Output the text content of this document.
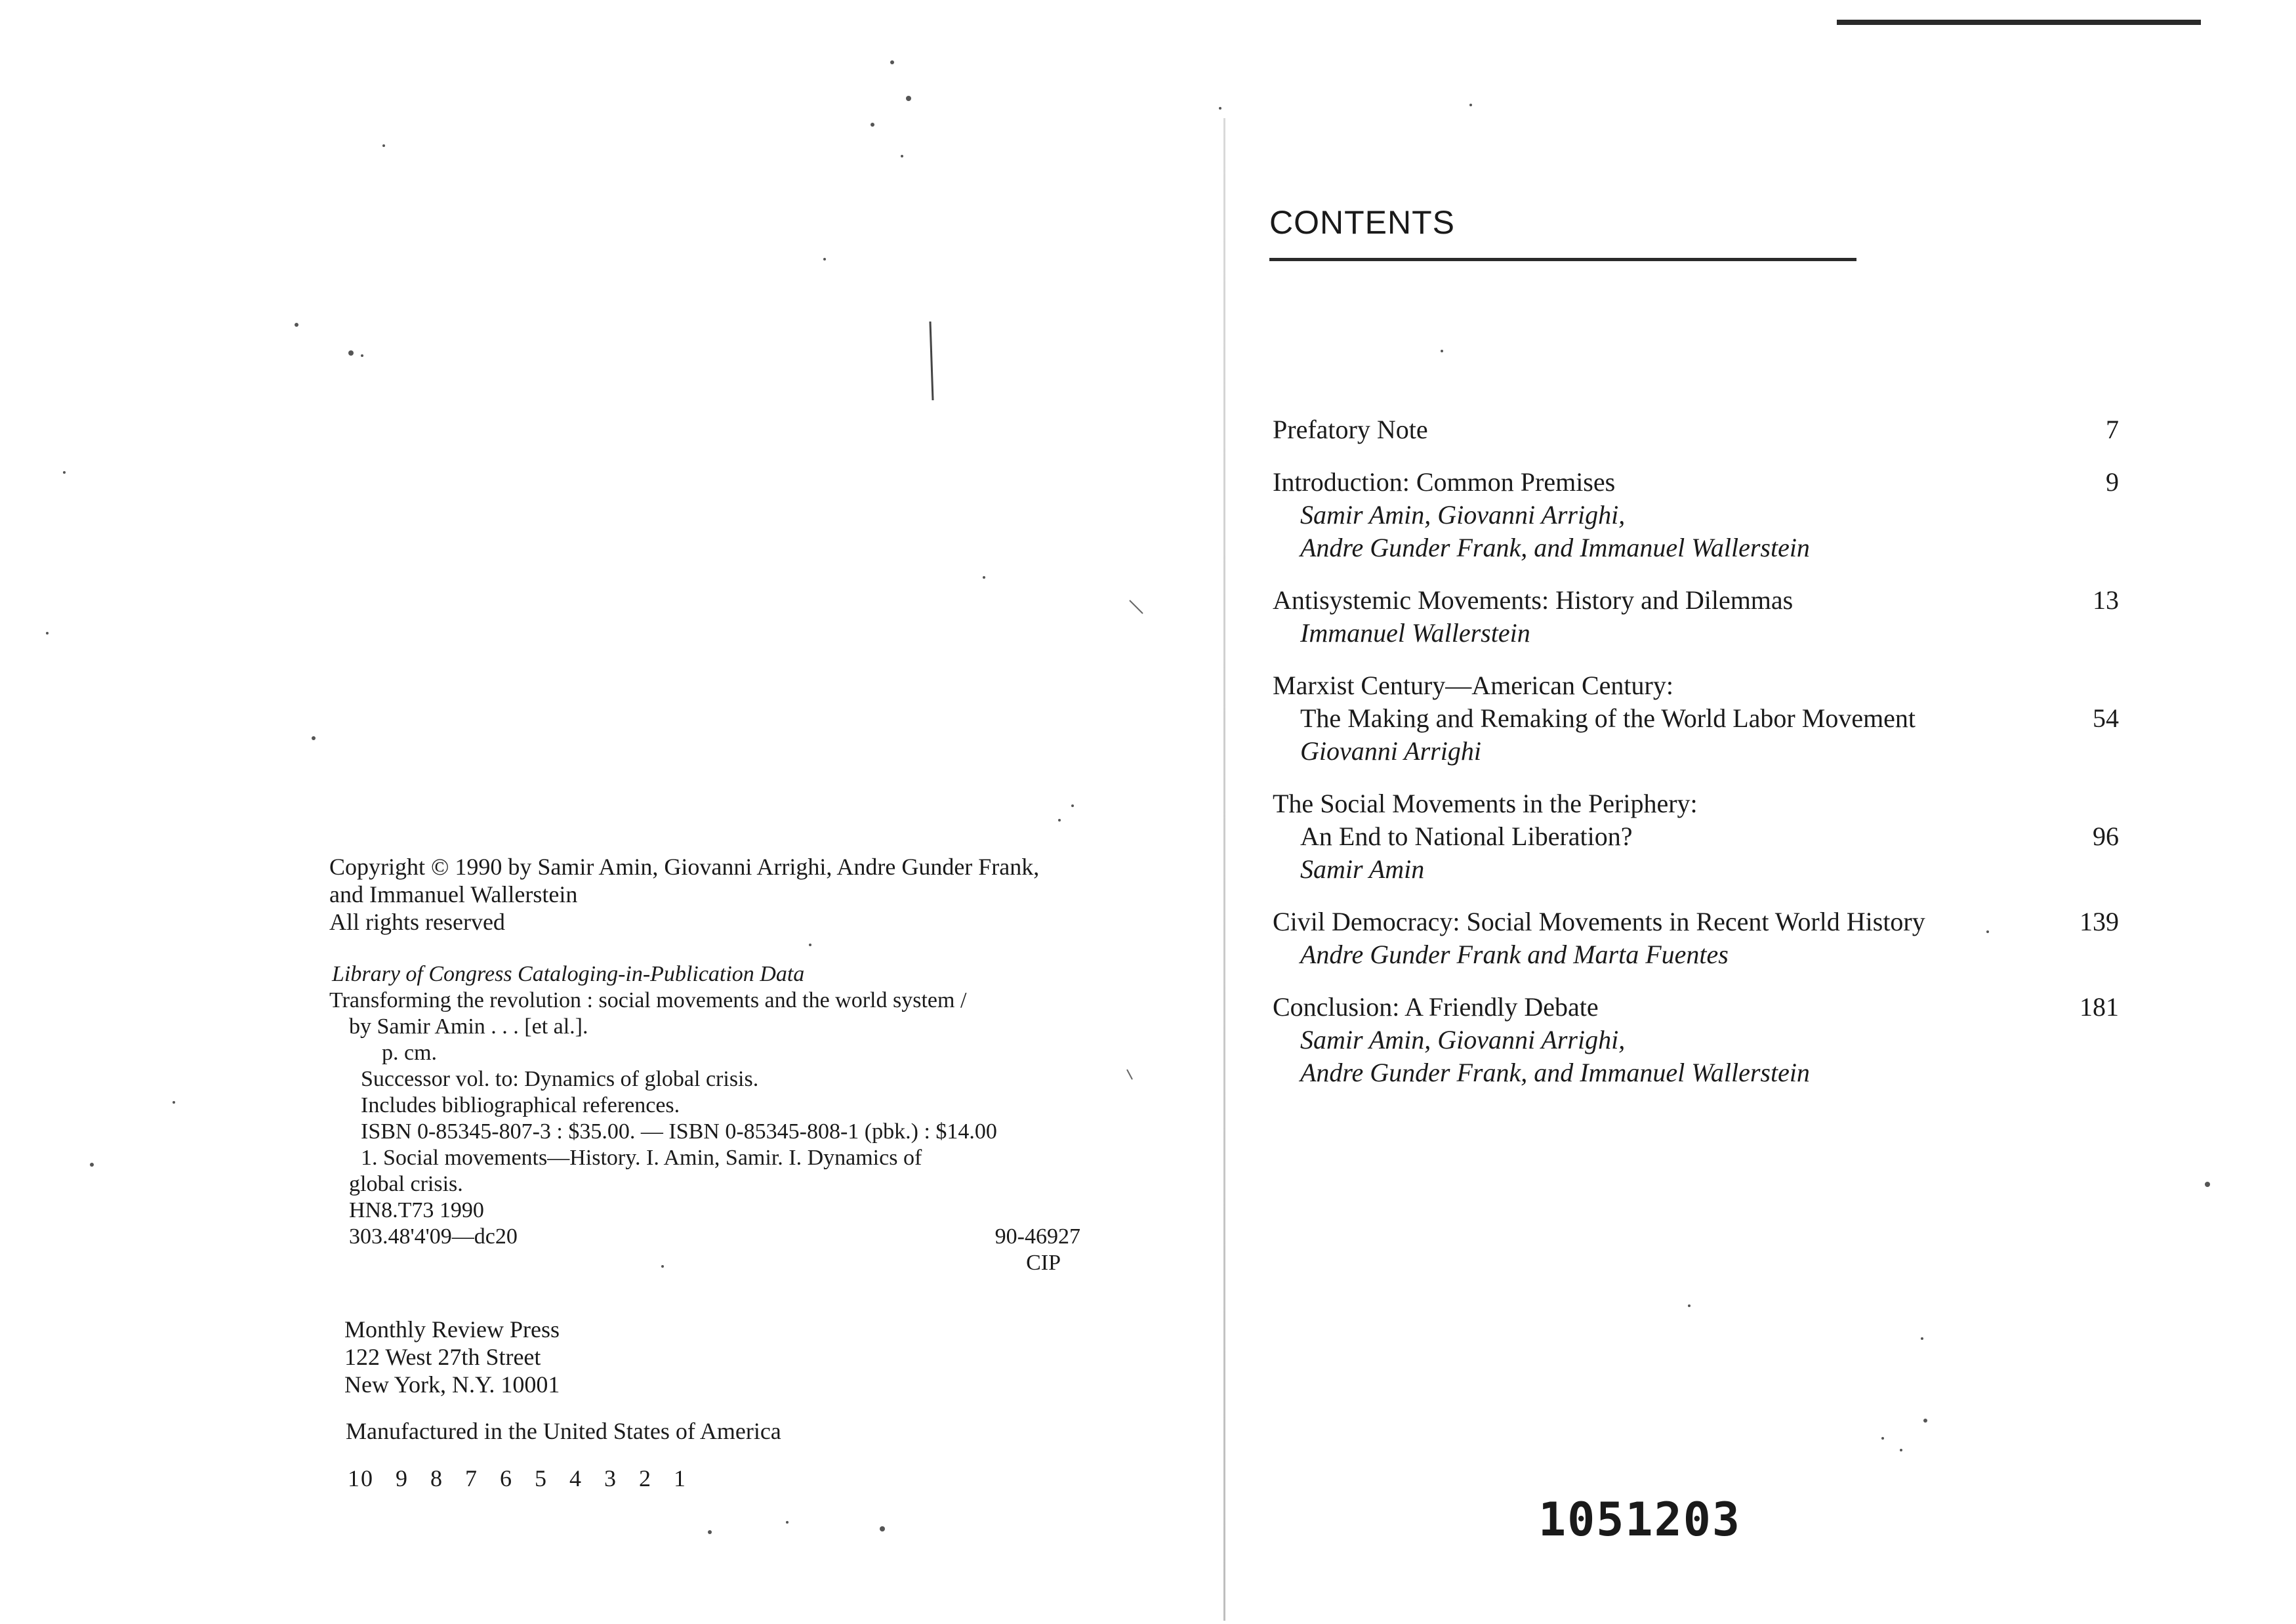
Copyright © 1990 by Samir Amin, Giovanni Arrighi, Andre Gunder Frank,
and Immanuel Wallerstein
All rights reserved
Library of Congress Cataloging-in-Publication Data
Transforming the revolution : social movements and the world system /
by Samir Amin . . . [et al.].
p. cm.
Successor vol. to: Dynamics of global crisis.
Includes bibliographical references.
ISBN 0-85345-807-3 : $35.00. — ISBN 0-85345-808-1 (pbk.) : $14.00
1. Social movements—History. I. Amin, Samir. I. Dynamics of
global crisis.
HN8.T73 1990
303.48'4'09—dc20	90-46927
CIP
Monthly Review Press
122 West 27th Street
New York, N.Y. 10001
Manufactured in the United States of America
10 9 8 7 6 5 4 3 2 1
CONTENTS
Prefatory Note	7
Introduction: Common Premises
Samir Amin, Giovanni Arrighi,
Andre Gunder Frank, and Immanuel Wallerstein
9
Antisystemic Movements: History and Dilemmas
Immanuel Wallerstein
13
Marxist Century—American Century:
The Making and Remaking of the World Labor Movement
Giovanni Arrighi
54
The Social Movements in the Periphery:
An End to National Liberation?
Samir Amin
96
Civil Democracy: Social Movements in Recent World History
Andre Gunder Frank and Marta Fuentes
139
Conclusion: A Friendly Debate
Samir Amin, Giovanni Arrighi,
Andre Gunder Frank, and Immanuel Wallerstein
181
1051203
